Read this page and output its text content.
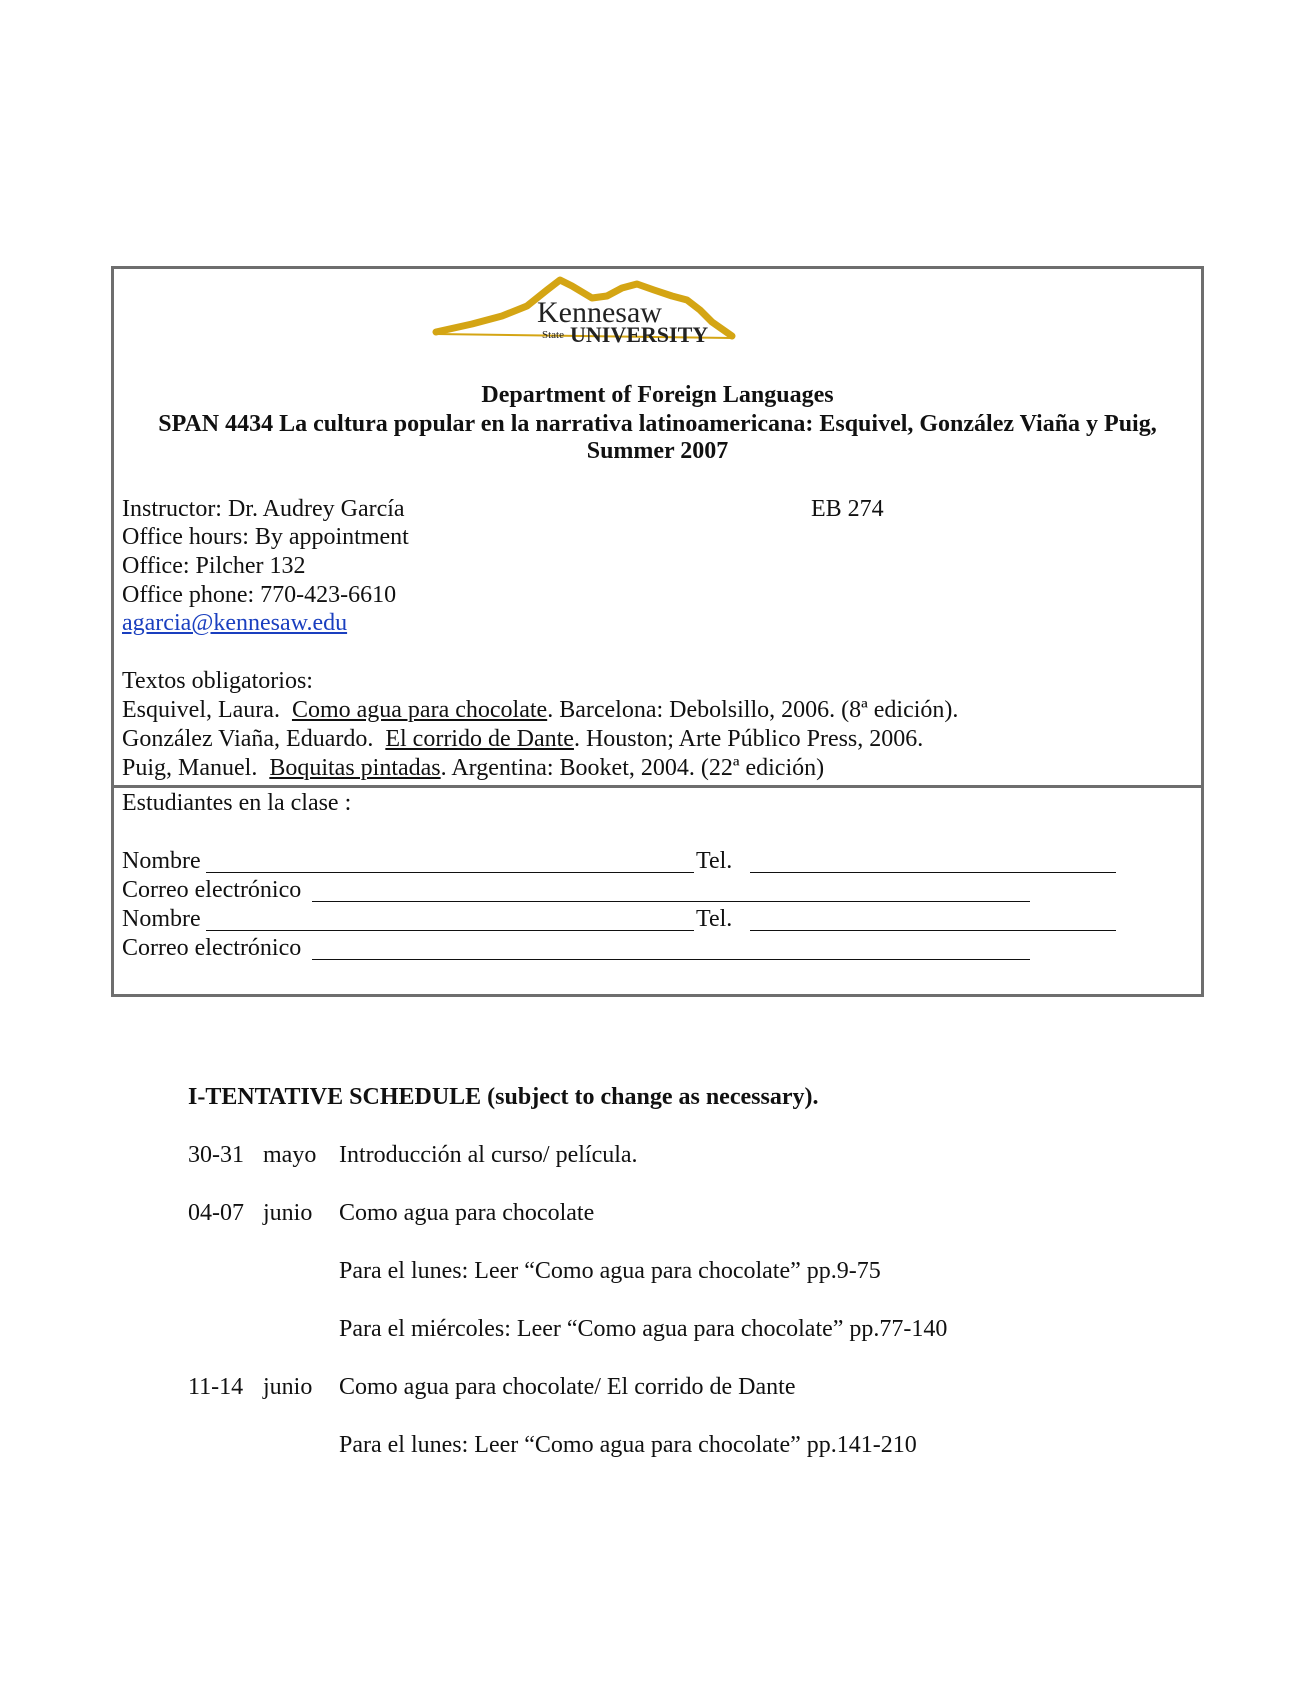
Kennesaw
State UNIVERSITY
Department of Foreign Languages
SPAN 4434 La cultura popular en la narrativa latinoamericana: Esquivel, González Viaña y Puig,
Summer 2007
Instructor: Dr. Audrey García	EB 274
Office hours: By appointment
Office: Pilcher 132
Office phone: 770-423-6610
agarcia@kennesaw.edu
Textos obligatorios:
Esquivel, Laura. Como agua para chocolate. Barcelona: Debolsillo, 2006. (8ª edición).
González Viaña, Eduardo. El corrido de Dante. Houston; Arte Público Press, 2006.
Puig, Manuel. Boquitas pintadas. Argentina: Booket, 2004. (22ª edición)
Estudiantes en la clase :
Nombre	Tel.
Correo electrónico
Nombre	Tel.
Correo electrónico
I-TENTATIVE SCHEDULE (subject to change as necessary).
30-31 mayo Introducción al curso/ película.
04-07 junio Como agua para chocolate
Para el lunes: Leer “Como agua para chocolate” pp.9-75
Para el miércoles: Leer “Como agua para chocolate” pp.77-140
11-14 junio Como agua para chocolate/ El corrido de Dante
Para el lunes: Leer “Como agua para chocolate” pp.141-210
